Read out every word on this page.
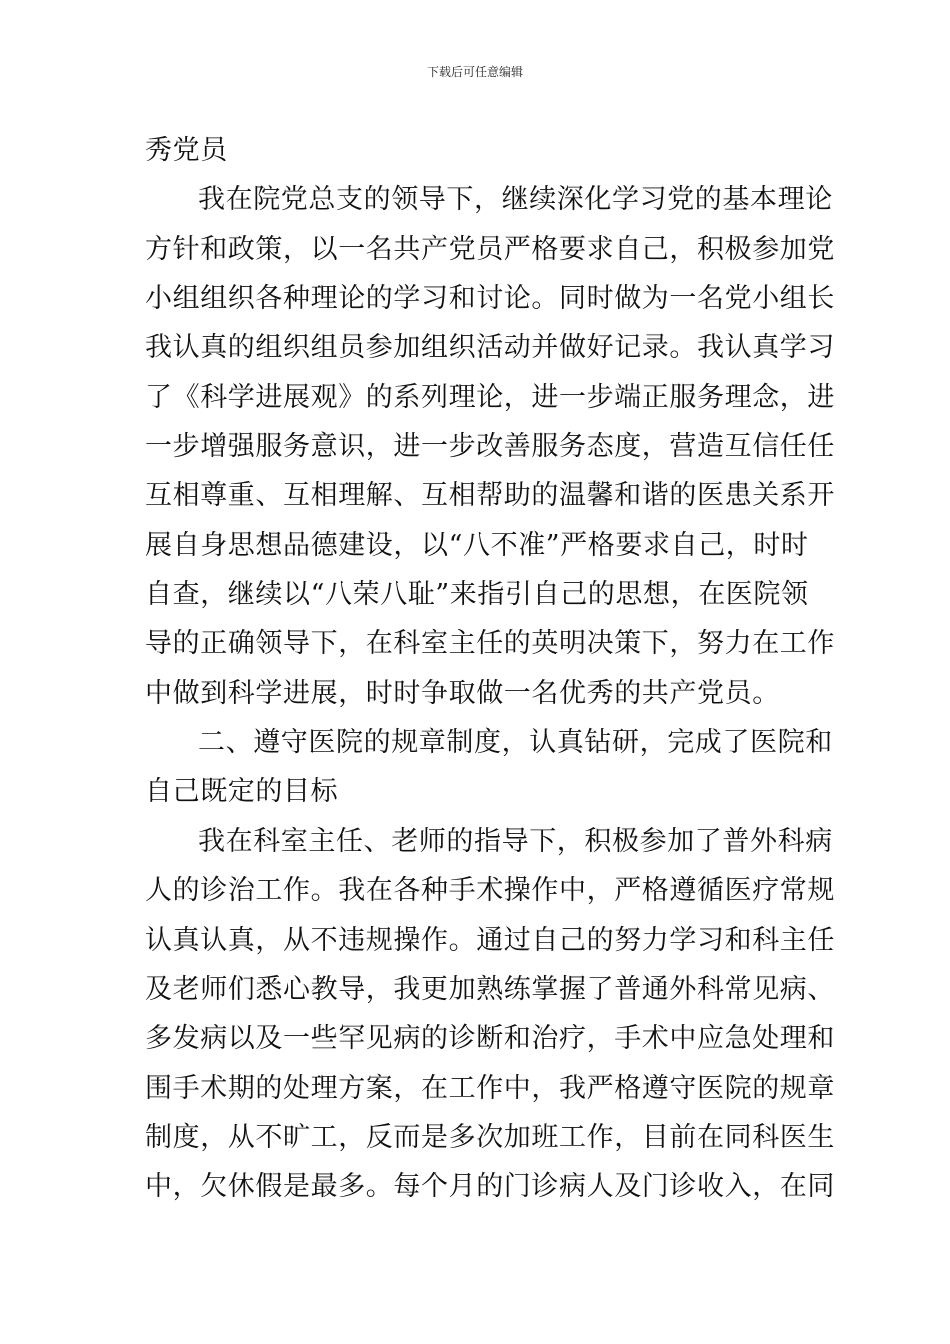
下载后可任意编辑
秀党员
我在院党总支的领导下，继续深化学习党的基本理论
方针和政策，以一名共产党员严格要求自己，积极参加党
小组组织各种理论的学习和讨论。同时做为一名党小组长
我认真的组织组员参加组织活动并做好记录。我认真学习
了《科学进展观》的系列理论，进一步端正服务理念，进
一步增强服务意识，进一步改善服务态度，营造互信任任
互相尊重、互相理解、互相帮助的温馨和谐的医患关系开
展自身思想品德建设，以“八不准”严格要求自己，时时
自查，继续以“八荣八耻”来指引自己的思想，在医院领
导的正确领导下，在科室主任的英明决策下，努力在工作
中做到科学进展，时时争取做一名优秀的共产党员。
二、遵守医院的规章制度，认真钻研，完成了医院和
自己既定的目标
我在科室主任、老师的指导下，积极参加了普外科病
人的诊治工作。我在各种手术操作中，严格遵循医疗常规
认真认真，从不违规操作。通过自己的努力学习和科主任
及老师们悉心教导，我更加熟练掌握了普通外科常见病、
多发病以及一些罕见病的诊断和治疗，手术中应急处理和
围手术期的处理方案，在工作中，我严格遵守医院的规章
制度，从不旷工，反而是多次加班工作，目前在同科医生
中，欠休假是最多。每个月的门诊病人及门诊收入，在同
